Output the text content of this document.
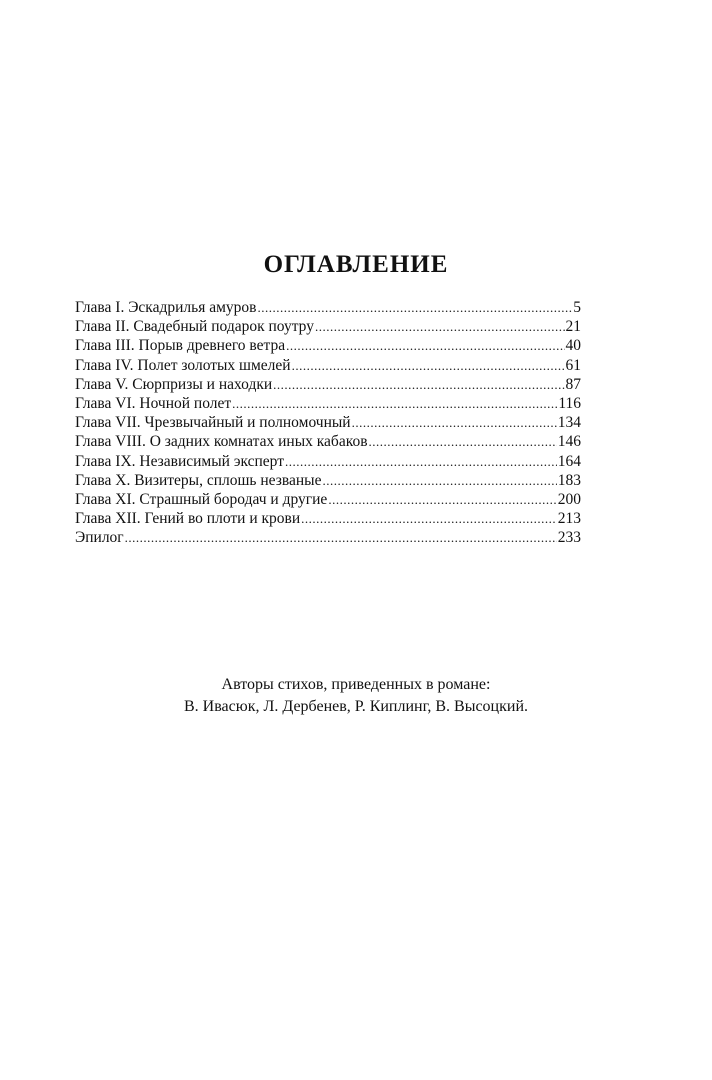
ОГЛАВЛЕНИЕ
Глава I. Эскадрилья амуров .....	5
Глава II. Свадебный подарок поутру .....	21
Глава III. Порыв древнего ветра .....	40
Глава IV. Полет золотых шмелей .....	61
Глава V. Сюрпризы и находки .....	87
Глава VI. Ночной полет .....	116
Глава VII. Чрезвычайный и полномочный .....	134
Глава VIII. О задних комнатах иных кабаков .....	146
Глава IX. Независимый эксперт .....	164
Глава X. Визитеры, сплошь незваные .....	183
Глава XI. Страшный бородач и другие .....	200
Глава XII. Гений во плоти и крови .....	213
Эпилог .....	233
Авторы стихов, приведенных в романе:
В. Ивасюк, Л. Дербенев, Р. Киплинг, В. Высоцкий.
